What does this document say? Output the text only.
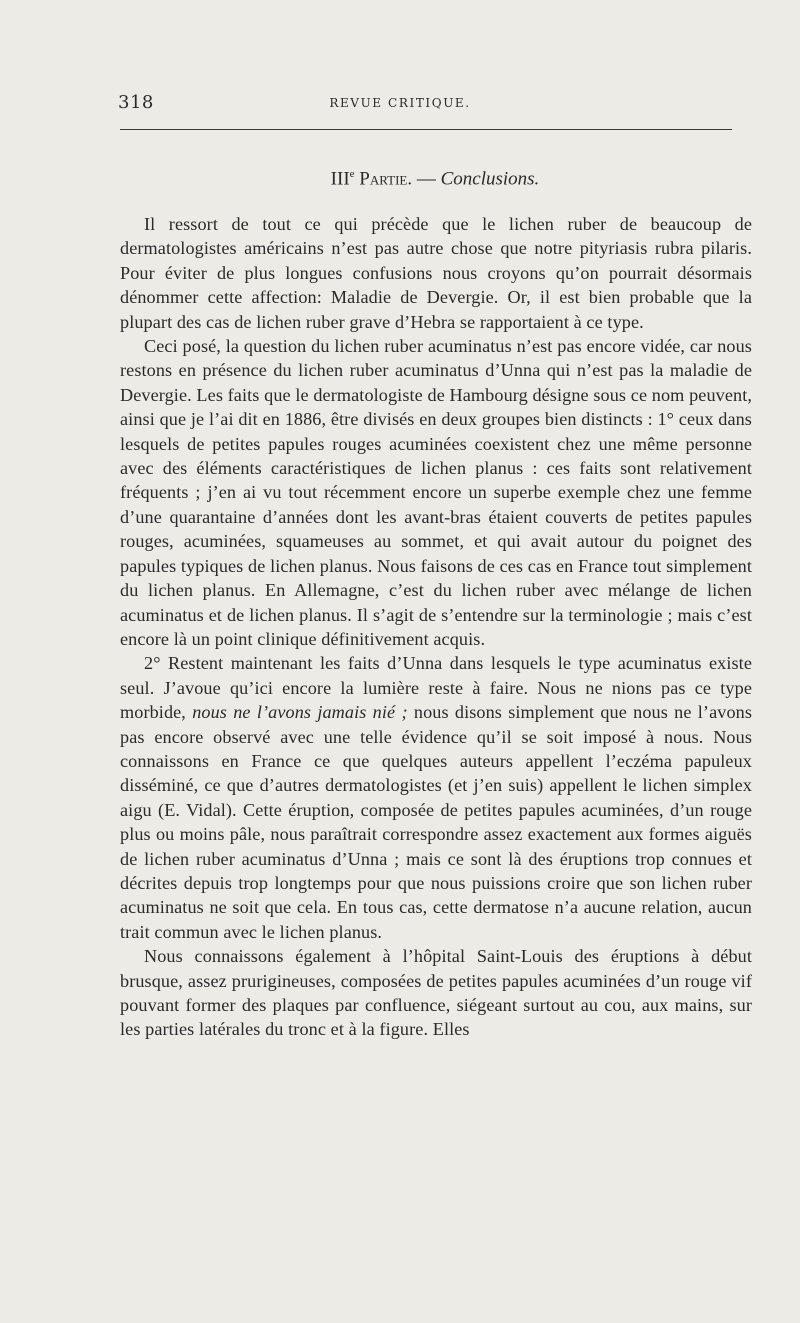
318	REVUE CRITIQUE.
IIIe Partie. — Conclusions.

Il ressort de tout ce qui précède que le lichen ruber de beaucoup de dermatologistes américains n’est pas autre chose que notre pityriasis rubra pilaris. Pour éviter de plus longues confusions nous croyons qu’on pourrait désormais dénommer cette affection: Maladie de Devergie. Or, il est bien probable que la plupart des cas de lichen ruber grave d’Hebra se rapportaient à ce type.

Ceci posé, la question du lichen ruber acuminatus n’est pas encore vidée, car nous restons en présence du lichen ruber acuminatus d’Unna qui n’est pas la maladie de Devergie. Les faits que le dermatologiste de Hambourg désigne sous ce nom peuvent, ainsi que je l’ai dit en 1886, être divisés en deux groupes bien distincts : 1° ceux dans lesquels de petites papules rouges acuminées coexistent chez une même personne avec des éléments caractéristiques de lichen planus : ces faits sont relativement fréquents ; j’en ai vu tout récemment encore un superbe exemple chez une femme d’une quarantaine d’années dont les avant-bras étaient couverts de petites papules rouges, acuminées, squameuses au sommet, et qui avait autour du poignet des papules typiques de lichen planus. Nous faisons de ces cas en France tout simplement du lichen planus. En Allemagne, c’est du lichen ruber avec mélange de lichen acuminatus et de lichen planus. Il s’agit de s’entendre sur la terminologie ; mais c’est encore là un point clinique définitivement acquis.

2° Restent maintenant les faits d’Unna dans lesquels le type acuminatus existe seul. J’avoue qu’ici encore la lumière reste à faire. Nous ne nions pas ce type morbide, nous ne l’avons jamais nié ; nous disons simplement que nous ne l’avons pas encore observé avec une telle évidence qu’il se soit imposé à nous. Nous connaissons en France ce que quelques auteurs appellent l’eczéma papuleux disséminé, ce que d’autres dermatologistes (et j’en suis) appellent le lichen simplex aigu (E. Vidal). Cette éruption, composée de petites papules acuminées, d’un rouge plus ou moins pâle, nous paraîtrait correspondre assez exactement aux formes aiguës de lichen ruber acuminatus d’Unna ; mais ce sont là des éruptions trop connues et décrites depuis trop longtemps pour que nous puissions croire que son lichen ruber acuminatus ne soit que cela. En tous cas, cette dermatose n’a aucune relation, aucun trait commun avec le lichen planus.

Nous connaissons également à l’hôpital Saint-Louis des éruptions à début brusque, assez prurigineuses, composées de petites papules acuminées d’un rouge vif pouvant former des plaques par confluence, siégeant surtout au cou, aux mains, sur les parties latérales du tronc et à la figure. Elles
